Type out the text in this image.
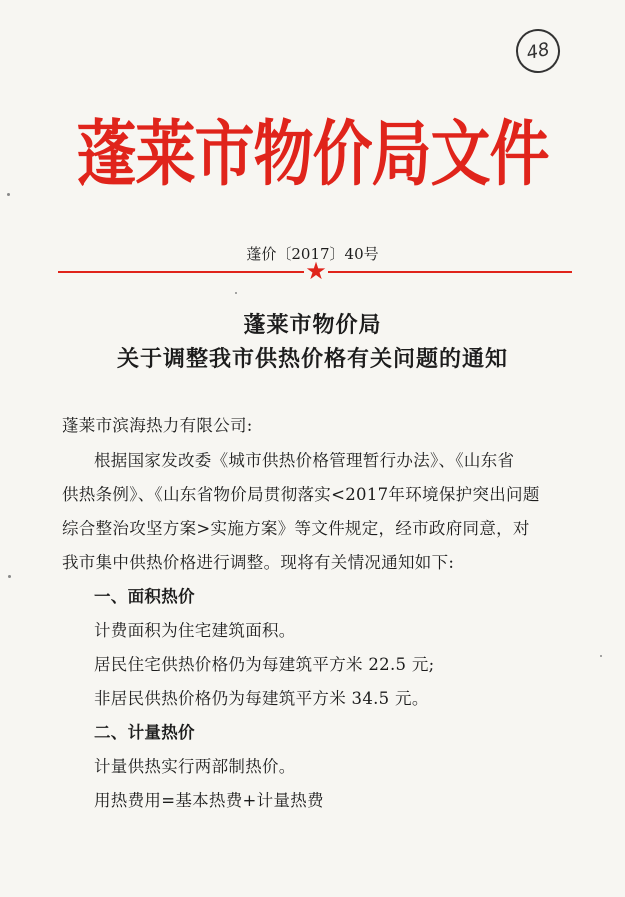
48
蓬莱市物价局文件
蓬价〔2017〕40号
★
蓬莱市物价局
关于调整我市供热价格有关问题的通知
蓬莱市滨海热力有限公司:
根据国家发改委《城市供热价格管理暂行办法》、《山东省
供热条例》、《山东省物价局贯彻落实<2017年环境保护突出问题
综合整治攻坚方案>实施方案》等文件规定，经市政府同意，对
我市集中供热价格进行调整。现将有关情况通知如下:
一、面积热价
计费面积为住宅建筑面积。
居民住宅供热价格仍为每建筑平方米 22.5 元;
非居民供热价格仍为每建筑平方米 34.5 元。
二、计量热价
计量供热实行两部制热价。
用热费用=基本热费+计量热费
